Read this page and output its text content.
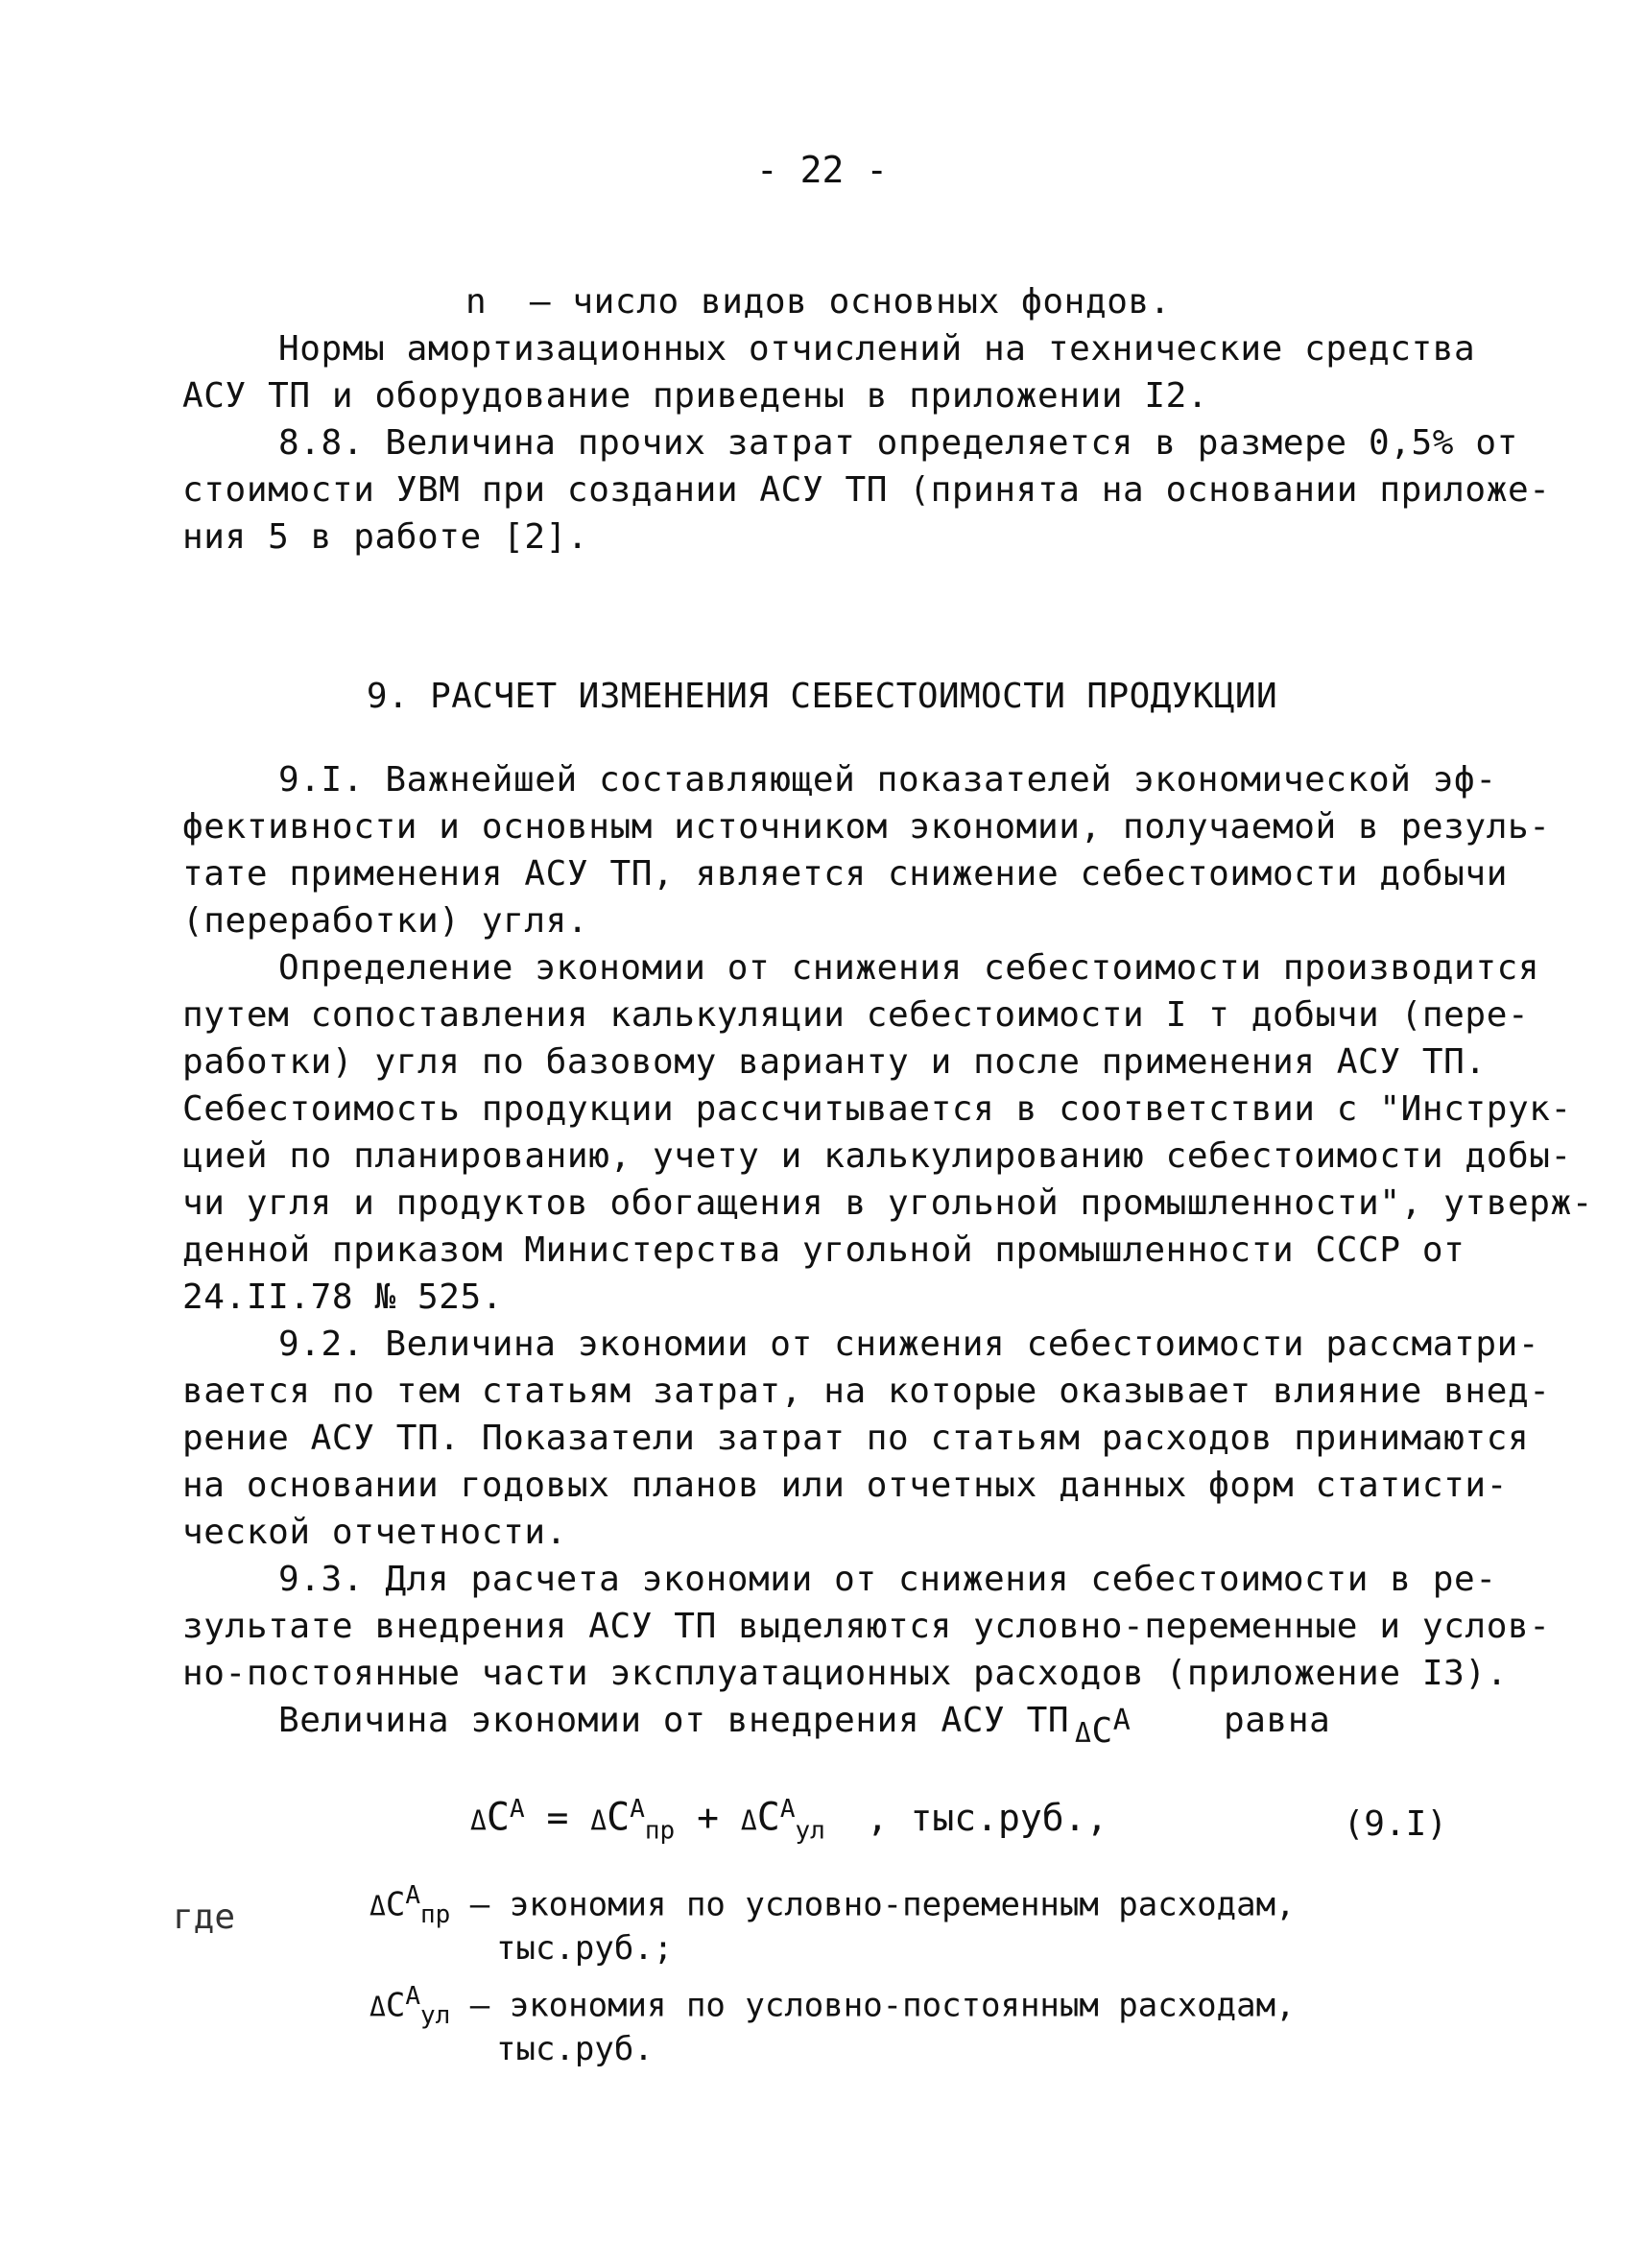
- 22 -
n  – число видов основных фондов.
Нормы амортизационных отчислений на технические средства
АСУ ТП и оборудование приведены в приложении I2.
8.8. Величина прочих затрат определяется в размере 0,5% от
стоимости УВМ при создании АСУ ТП (принята на основании приложе-
ния 5 в работе [2].
9. РАСЧЕТ ИЗМЕНЕНИЯ СЕБЕСТОИМОСТИ ПРОДУКЦИИ
9.I. Важнейшей составляющей показателей экономической эф-
фективности и основным источником экономии, получаемой в резуль-
тате применения АСУ ТП, является снижение себестоимости добычи
(переработки) угля.
Определение экономии от снижения себестоимости производится
путем сопоставления калькуляции себестоимости I т добычи (пере-
работки) угля по базовому варианту и после применения АСУ ТП.
Себестоимость продукции рассчитывается в соответствии с "Инструк-
цией по планированию, учету и калькулированию себестоимости добы-
чи угля и продуктов обогащения в угольной промышленности", утверж-
денной приказом Министерства угольной промышленности СССР от
24.II.78 № 525.
9.2. Величина экономии от снижения себестоимости рассматри-
вается по тем статьям затрат, на которые оказывает влияние внед-
рение АСУ ТП. Показатели затрат по статьям расходов принимаются
на основании годовых планов или отчетных данных форм статисти-
ческой отчетности.
9.3. Для расчета экономии от снижения себестоимости в ре-
зультате внедрения АСУ ТП выделяются условно-переменные и услов-
но-постоянные части эксплуатационных расходов (приложение I3).
Величина экономии от внедрения АСУ ТП $\Delta C^A$	равна
$\Delta C^A = \Delta C^A_{пр} + \Delta C^A_{ул}$ , тыс.руб.,	(9.I)
где	$\Delta C^A_{пр}$ – экономия по условно-переменным расходам,
тыс.руб.;
$\Delta C^A_{ул}$ – экономия по условно-постоянным расходам,
тыс.руб.
